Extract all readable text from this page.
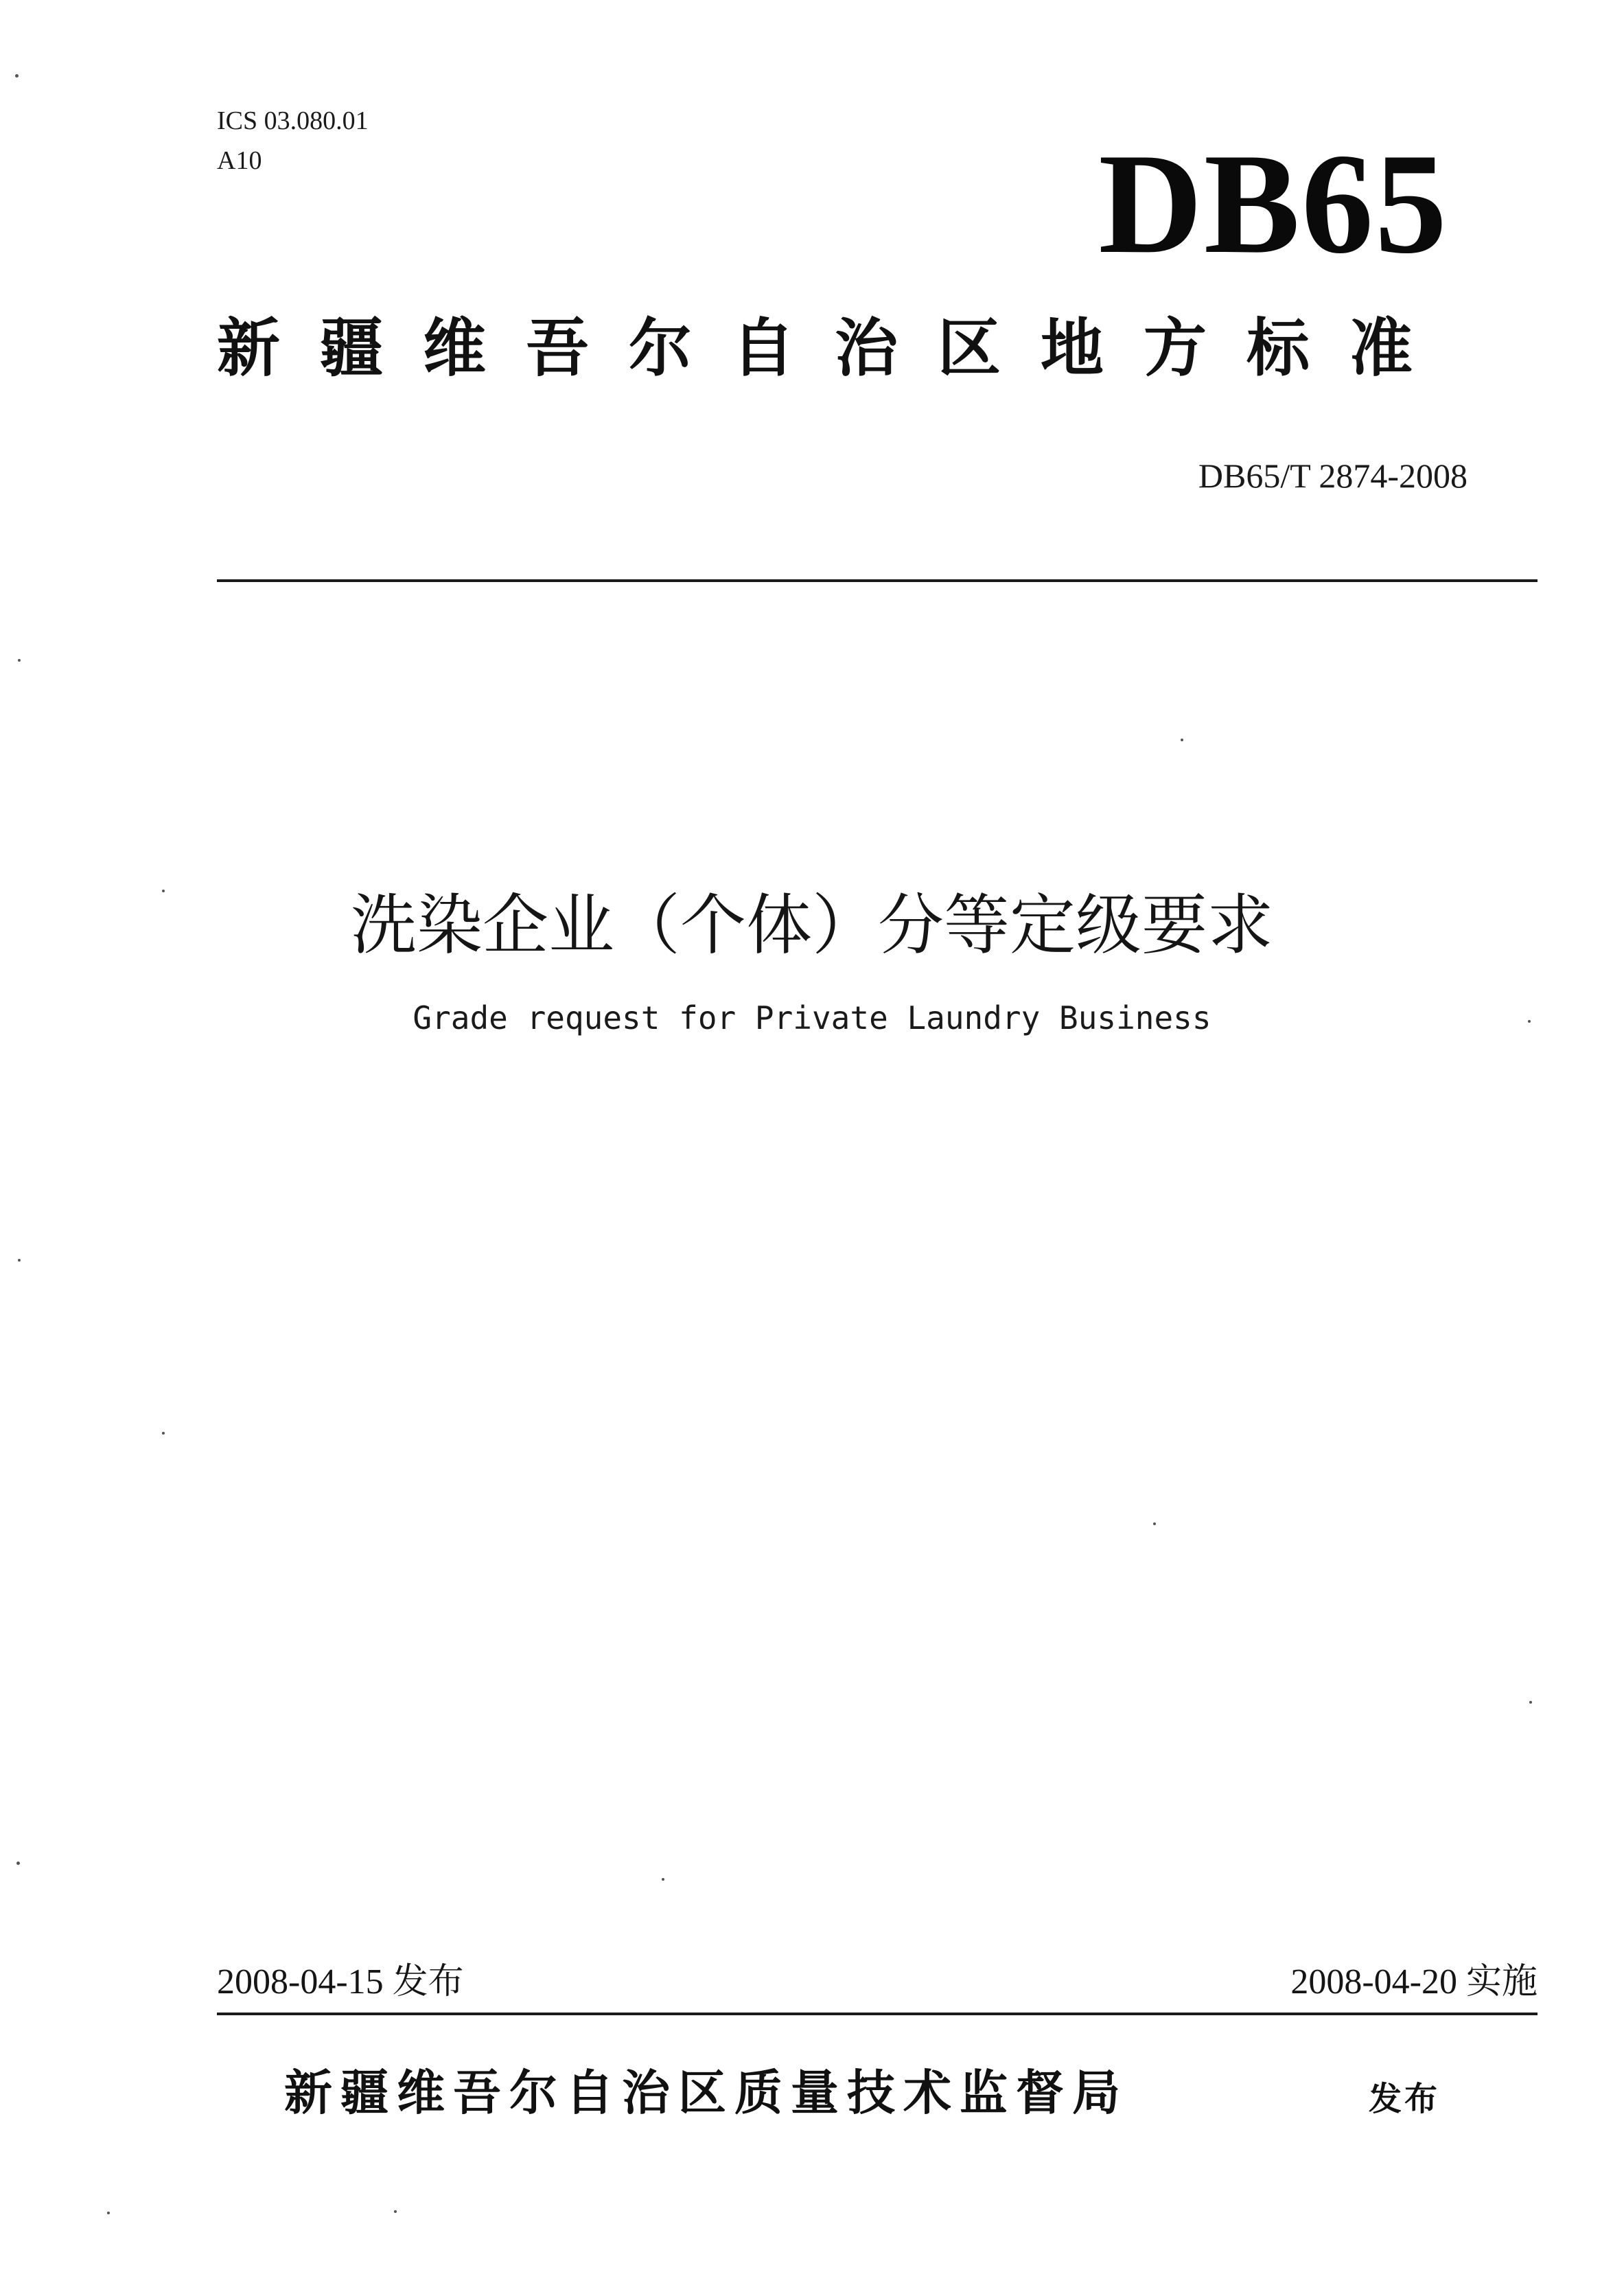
ICS 03.080.01
A10	DB65
新疆维吾尔自治区地方标准
DB65/T 2874-2008
洗染企业（个体）分等定级要求
Grade request for Private Laundry Business
2008-04-15 发布	2008-04-20 实施
新疆维吾尔自治区质量技术监督局	发布
